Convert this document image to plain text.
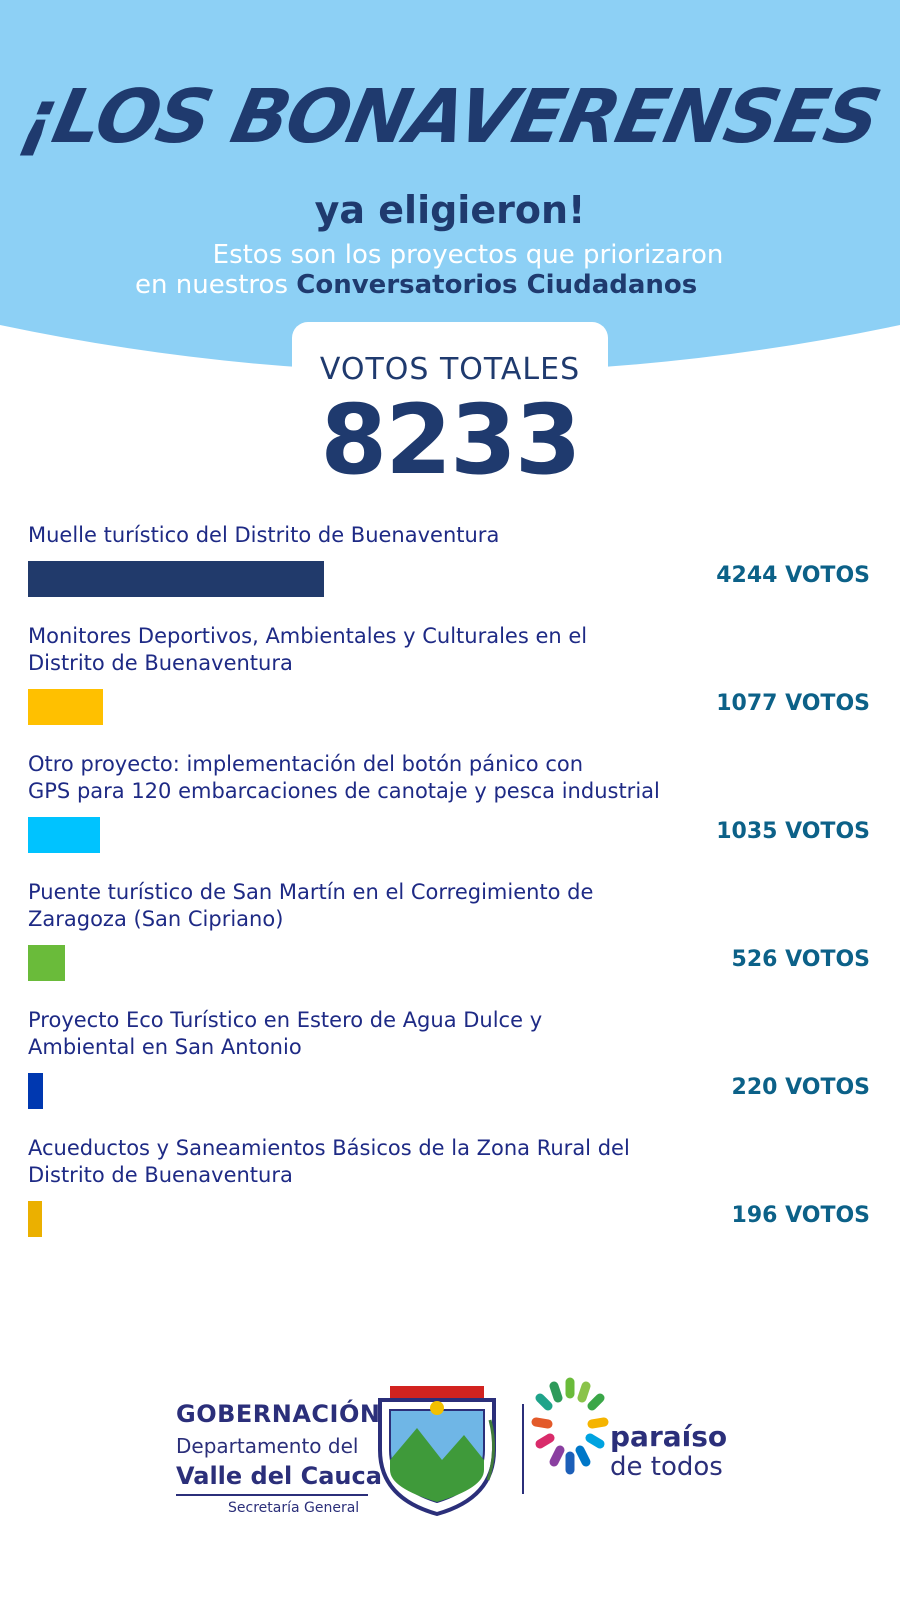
¡LOS BONAVERENSES
ya eligieron!
Estos son los proyectos que priorizaron
en nuestros Conversatorios Ciudadanos
VOTOS TOTALES
8233
Muelle turístico del Distrito de Buenaventura
4244 VOTOS
Monitores Deportivos, Ambientales y Culturales en el
Distrito de Buenaventura
1077 VOTOS
Otro proyecto: implementación del botón pánico con
GPS para 120 embarcaciones de canotaje y pesca industrial
1035 VOTOS
Puente turístico de San Martín en el Corregimiento de
Zaragoza (San Cipriano)
526 VOTOS
Proyecto Eco Turístico en Estero de Agua Dulce y
Ambiental en San Antonio
220 VOTOS
Acueductos y Saneamientos Básicos de la Zona Rural del
Distrito de Buenaventura
196 VOTOS
GOBERNACIÓN
Departamento del
Valle del Cauca
Secretaría General
paraíso
de todos
